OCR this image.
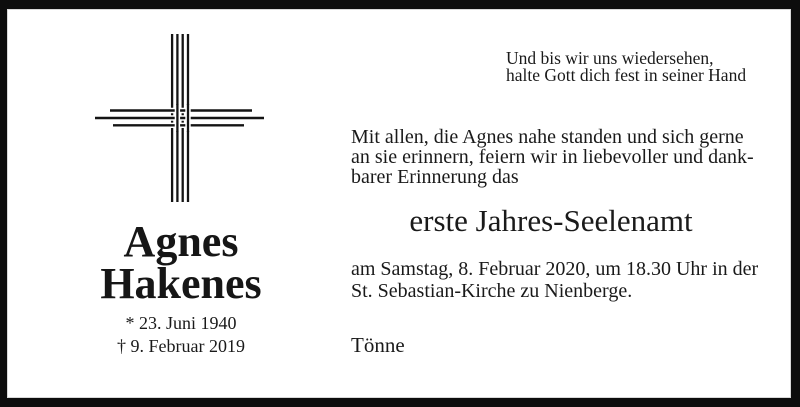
Und bis wir uns wiedersehen,
halte Gott dich fest in seiner Hand
Agnes
Hakenes
* 23. Juni 1940
† 9. Februar 2019
Mit allen, die Agnes nahe standen und sich gerne
an sie erinnern, feiern wir in liebevoller und dank-
barer Erinnerung das
erste Jahres-Seelenamt
am Samstag, 8. Februar 2020, um 18.30 Uhr in der
St. Sebastian-Kirche zu Nienberge.
Tönne
